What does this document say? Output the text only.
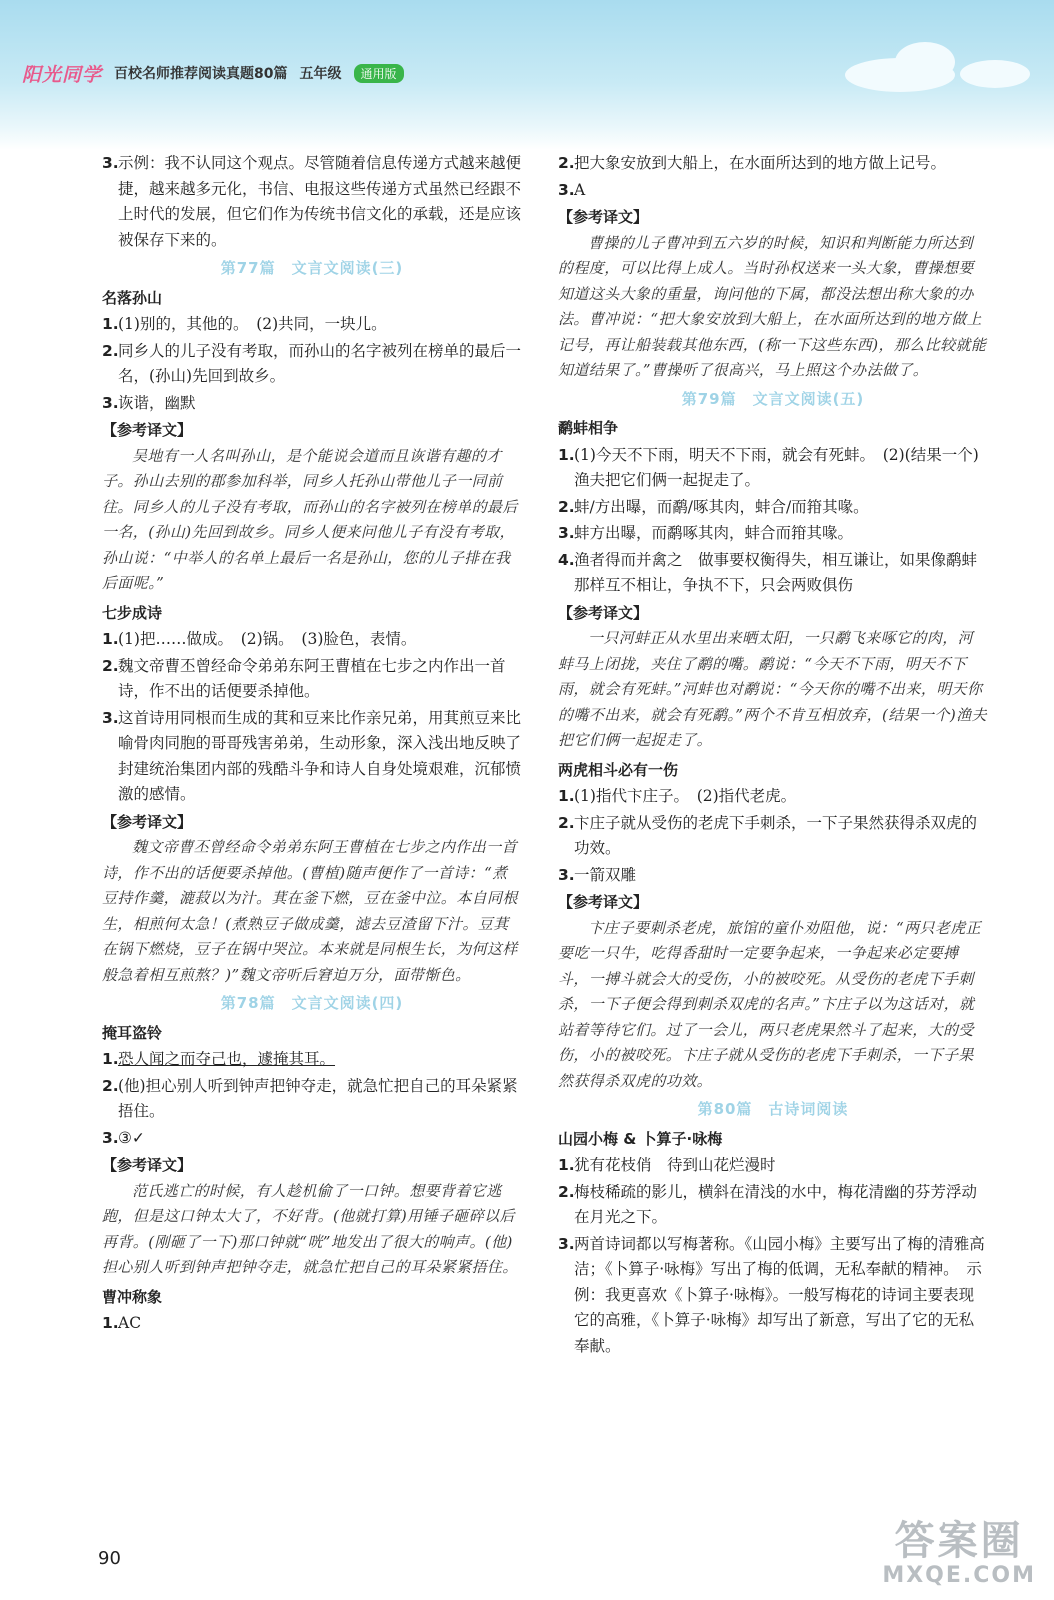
阳光同学 百校名师推荐阅读真题80篇 五年级	通用版
3. 示例：我不认同这个观点。尽管随着信息传递方式越来越便捷，越来越多元化，书信、电报这些传递方式虽然已经跟不上时代的发展，但它们作为传统书信文化的承载，还是应该被保存下来的。
第77篇　文言文阅读(三)
名落孙山
1. (1)别的，其他的。　(2)共同，一块儿。
2. 同乡人的儿子没有考取，而孙山的名字被列在榜单的最后一名，(孙山)先回到故乡。
3. 诙谐，幽默
【参考译文】
吴地有一人名叫孙山，是个能说会道而且诙谐有趣的才子。孙山去别的郡参加科举，同乡人托孙山带他儿子一同前往。同乡人的儿子没有考取，而孙山的名字被列在榜单的最后一名，(孙山)先回到故乡。同乡人便来问他儿子有没有考取，孙山说：“中举人的名单上最后一名是孙山，您的儿子排在我后面呢。”
七步成诗
1. (1)把……做成。　(2)锅。　(3)脸色，表情。
2. 魏文帝曹丕曾经命令弟弟东阿王曹植在七步之内作出一首诗，作不出的话便要杀掉他。
3. 这首诗用同根而生成的萁和豆来比作亲兄弟，用萁煎豆来比喻骨肉同胞的哥哥残害弟弟，生动形象，深入浅出地反映了封建统治集团内部的残酷斗争和诗人自身处境艰难，沉郁愤激的感情。
【参考译文】
魏文帝曹丕曾经命令弟弟东阿王曹植在七步之内作出一首诗，作不出的话便要杀掉他。(曹植)随声便作了一首诗：“煮豆持作羹，漉菽以为汁。萁在釜下燃，豆在釜中泣。本自同根生，相煎何太急！(煮熟豆子做成羹，滤去豆渣留下汁。豆萁在锅下燃烧，豆子在锅中哭泣。本来就是同根生长，为何这样般急着相互煎熬？)”魏文帝听后窘迫万分，面带惭色。
第78篇　文言文阅读(四)
掩耳盗铃
1. 恐人闻之而夺己也，遽掩其耳。
2. (他)担心别人听到钟声把钟夺走，就急忙把自己的耳朵紧紧捂住。
3. ③✓
【参考译文】
范氏逃亡的时候，有人趁机偷了一口钟。想要背着它逃跑，但是这口钟太大了，不好背。(他就打算)用锤子砸碎以后再背。(刚砸了一下)那口钟就“咣”地发出了很大的响声。(他)担心别人听到钟声把钟夺走，就急忙把自己的耳朵紧紧捂住。
曹冲称象
1. AC
2. 把大象安放到大船上，在水面所达到的地方做上记号。
3. A
【参考译文】
曹操的儿子曹冲到五六岁的时候，知识和判断能力所达到的程度，可以比得上成人。当时孙权送来一头大象，曹操想要知道这头大象的重量，询问他的下属，都没法想出称大象的办法。曹冲说：“把大象安放到大船上，在水面所达到的地方做上记号，再让船装载其他东西，(称一下这些东西)，那么比较就能知道结果了。”曹操听了很高兴，马上照这个办法做了。
第79篇　文言文阅读(五)
鹬蚌相争
1. (1)今天不下雨，明天不下雨，就会有死蚌。　(2)(结果一个)渔夫把它们俩一起捉走了。
2. 蚌/方出曝，而鹬/啄其肉，蚌合/而箝其喙。
3. 蚌方出曝，而鹬啄其肉，蚌合而箝其喙。
4. 渔者得而并禽之　做事要权衡得失，相互谦让，如果像鹬蚌那样互不相让，争执不下，只会两败俱伤
【参考译文】
一只河蚌正从水里出来晒太阳，一只鹬飞来啄它的肉，河蚌马上闭拢，夹住了鹬的嘴。鹬说：“今天不下雨，明天不下雨，就会有死蚌。”河蚌也对鹬说：“今天你的嘴不出来，明天你的嘴不出来，就会有死鹬。”两个不肯互相放弃，(结果一个)渔夫把它们俩一起捉走了。
两虎相斗必有一伤
1. (1)指代卞庄子。　(2)指代老虎。
2. 卞庄子就从受伤的老虎下手刺杀，一下子果然获得杀双虎的功效。
3. 一箭双雕
【参考译文】
卞庄子要刺杀老虎，旅馆的童仆劝阻他，说：“两只老虎正要吃一只牛，吃得香甜时一定要争起来，一争起来必定要搏斗，一搏斗就会大的受伤，小的被咬死。从受伤的老虎下手刺杀，一下子便会得到刺杀双虎的名声。”卞庄子以为这话对，就站着等待它们。过了一会儿，两只老虎果然斗了起来，大的受伤，小的被咬死。卞庄子就从受伤的老虎下手刺杀，一下子果然获得杀双虎的功效。
第80篇　古诗词阅读
山园小梅 & 卜算子·咏梅
1. 犹有花枝俏　待到山花烂漫时
2. 梅枝稀疏的影儿，横斜在清浅的水中，梅花清幽的芬芳浮动在月光之下。
3. 两首诗词都以写梅著称。《山园小梅》主要写出了梅的清雅高洁；《卜算子·咏梅》写出了梅的低调，无私奉献的精神。　示例：我更喜欢《卜算子·咏梅》。一般写梅花的诗词主要表现它的高雅，《卜算子·咏梅》却写出了新意，写出了它的无私奉献。
90	答案圈
MXQE.COM
